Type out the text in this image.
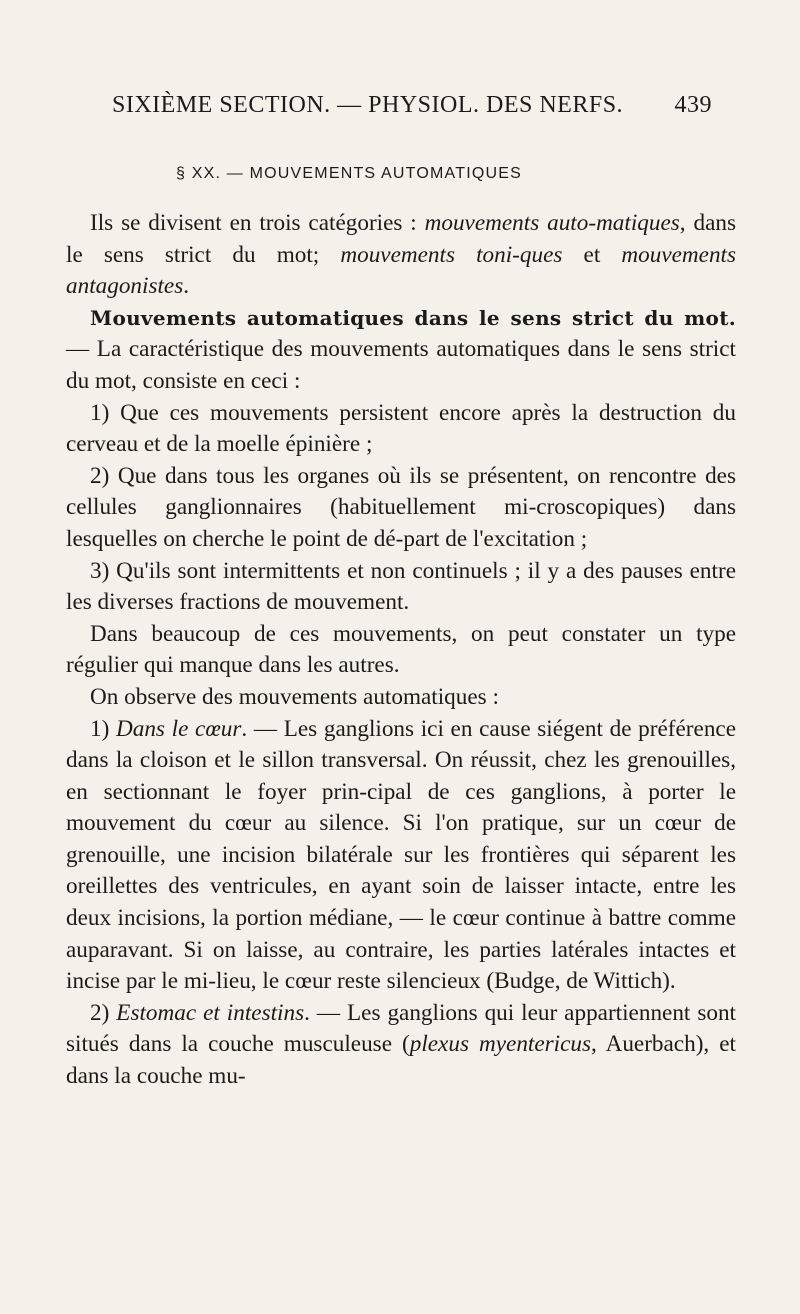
SIXIÈME SECTION. — PHYSIOL. DES NERFS. 439
§ XX. — MOUVEMENTS AUTOMATIQUES

Ils se divisent en trois catégories : mouvements auto-matiques, dans le sens strict du mot; mouvements toni-ques et mouvements antagonistes.

Mouvements automatiques dans le sens strict du mot. — La caractéristique des mouvements automatiques dans le sens strict du mot, consiste en ceci :

1) Que ces mouvements persistent encore après la destruction du cerveau et de la moelle épinière ;

2) Que dans tous les organes où ils se présentent, on rencontre des cellules ganglionnaires (habituellement mi-croscopiques) dans lesquelles on cherche le point de dé-part de l'excitation ;

3) Qu'ils sont intermittents et non continuels ; il y a des pauses entre les diverses fractions de mouvement.

Dans beaucoup de ces mouvements, on peut constater un type régulier qui manque dans les autres.

On observe des mouvements automatiques :

1) Dans le cœur. — Les ganglions ici en cause siégent de préférence dans la cloison et le sillon transversal. On réussit, chez les grenouilles, en sectionnant le foyer prin-cipal de ces ganglions, à porter le mouvement du cœur au silence. Si l'on pratique, sur un cœur de grenouille, une incision bilatérale sur les frontières qui séparent les oreillettes des ventricules, en ayant soin de laisser intacte, entre les deux incisions, la portion médiane, — le cœur continue à battre comme auparavant. Si on laisse, au contraire, les parties latérales intactes et incise par le mi-lieu, le cœur reste silencieux (Budge, de Wittich).

2) Estomac et intestins. — Les ganglions qui leur appartiennent sont situés dans la couche musculeuse (plexus myentericus, Auerbach), et dans la couche mu-
